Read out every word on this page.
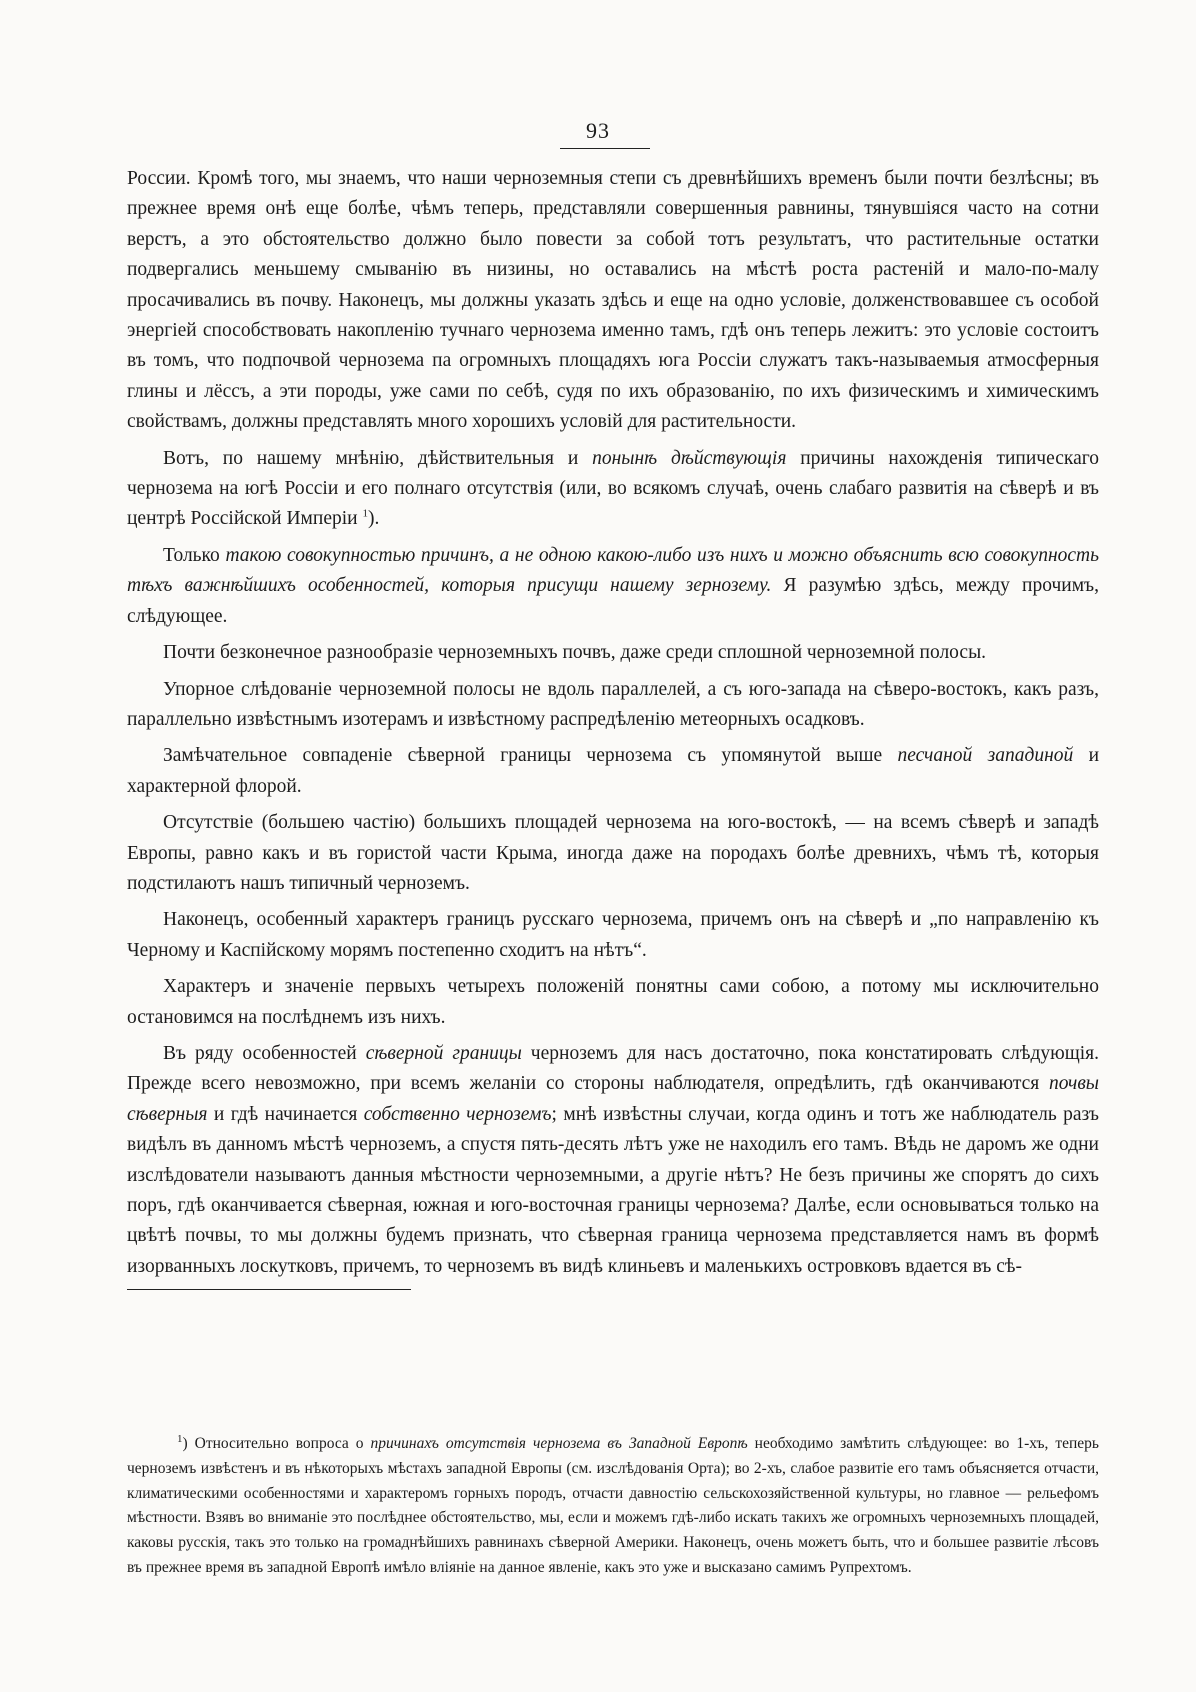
93

России. Кромѣ того, мы знаемъ, что наши черноземныя степи съ древнѣйшихъ временъ были почти безлѣсны; въ прежнее время онѣ еще болѣе, чѣмъ теперь, представляли совершенныя равнины, тянувшіяся часто на сотни верстъ, а это обстоятельство должно было повести за собой тотъ результатъ, что растительные остатки подвергались меньшему смыванію въ низины, но оставались на мѣстѣ роста растеній и мало-по-малу просачивались въ почву. Наконецъ, мы должны указать здѣсь и еще на одно условіе, долженствовавшее съ особой энергіей способствовать накопленію тучнаго чернозема именно тамъ, гдѣ онъ теперь лежитъ: это условіе состоитъ въ томъ, что подпочвой чернозема па огромныхъ площадяхъ юга Россіи служатъ такъ-называемыя атмосферныя глины и лёссъ, а эти породы, уже сами по себѣ, судя по ихъ образованію, по ихъ физическимъ и химическимъ свойствамъ, должны представлять много хорошихъ условій для растительности.

Вотъ, по нашему мнѣнію, дѣйствительныя и понынѣ дѣйствующія причины нахожденія типическаго чернозема на югѣ Россіи и его полнаго отсутствія (или, во всякомъ случаѣ, очень слабаго развитія на сѣверѣ и въ центрѣ Россійской Имперіи $^1$).

Только такою совокупностью причинъ, а не одною какою-либо изъ нихъ и можно объяснить всю совокупность тѣхъ важнѣйшихъ особенностей, которыя присущи нашему зернозему. Я разумѣю здѣсь, между прочимъ, слѣдующее.

Почти безконечное разнообразіе черноземныхъ почвъ, даже среди сплошной черноземной полосы.

Упорное слѣдованіе черноземной полосы не вдоль параллелей, а съ юго-запада на сѣверо-востокъ, какъ разъ, параллельно извѣстнымъ изотерамъ и извѣстному распредѣленію метеорныхъ осадковъ.

Замѣчательное совпаденіе сѣверной границы чернозема съ упомянутой выше песчаной западиной и характерной флорой.

Отсутствіе (большею частію) большихъ площадей чернозема на юго-востокѣ, — на всемъ сѣверѣ и западѣ Европы, равно какъ и въ гористой части Крыма, иногда даже на породахъ болѣе древнихъ, чѣмъ тѣ, которыя подстилаютъ нашъ типичный черноземъ.

Наконецъ, особенный характеръ границъ русскаго чернозема, причемъ онъ на сѣверѣ и „по направленію къ Черному и Каспійскому морямъ постепенно сходитъ на нѣтъ“.

Характеръ и значеніе первыхъ четырехъ положеній понятны сами собою, а потому мы исключительно остановимся на послѣднемъ изъ нихъ.

Въ ряду особенностей сѣверной границы черноземъ для насъ достаточно, пока констатировать слѣдующія. Прежде всего невозможно, при всемъ желаніи со стороны наблюдателя, опредѣлить, гдѣ оканчиваются почвы сѣверныя и гдѣ начинается собственно черноземъ; мнѣ извѣстны случаи, когда одинъ и тотъ же наблюдатель разъ видѣлъ въ данномъ мѣстѣ черноземъ, а спустя пять-десять лѣтъ уже не находилъ его тамъ. Вѣдь не даромъ же одни изслѣдователи называютъ данныя мѣстности черноземными, а другіе нѣтъ? Не безъ причины же спорятъ до сихъ поръ, гдѣ оканчивается сѣверная, южная и юго-восточная границы чернозема? Далѣе, если основываться только на цвѣтѣ почвы, то мы должны будемъ признать, что сѣверная граница чернозема представляется намъ въ формѣ изорванныхъ лоскутковъ, причемъ, то черноземъ въ видѣ клиньевъ и маленькихъ островковъ вдается въ сѣ-

$^1$) Относительно вопроса о причинахъ отсутствія чернозема въ Западной Европѣ необходимо замѣтить слѣдующее: во 1-хъ, теперь черноземъ извѣстенъ и въ нѣкоторыхъ мѣстахъ западной Европы (см. изслѣдованія Орта); во 2-хъ, слабое развитіе его тамъ объясняется отчасти, климатическими особенностями и характеромъ горныхъ породъ, отчасти давностію сельскохозяйственной культуры, но главное — рельефомъ мѣстности. Взявъ во вниманіе это послѣднее обстоятельство, мы, если и можемъ гдѣ-либо искать такихъ же огромныхъ черноземныхъ площадей, каковы русскія, такъ это только на громаднѣйшихъ равнинахъ сѣверной Америки. Наконецъ, очень можетъ быть, что и большее развитіе лѣсовъ въ прежнее время въ западной Европѣ имѣло вліяніе на данное явленіе, какъ это уже и высказано самимъ Рупрехтомъ.
